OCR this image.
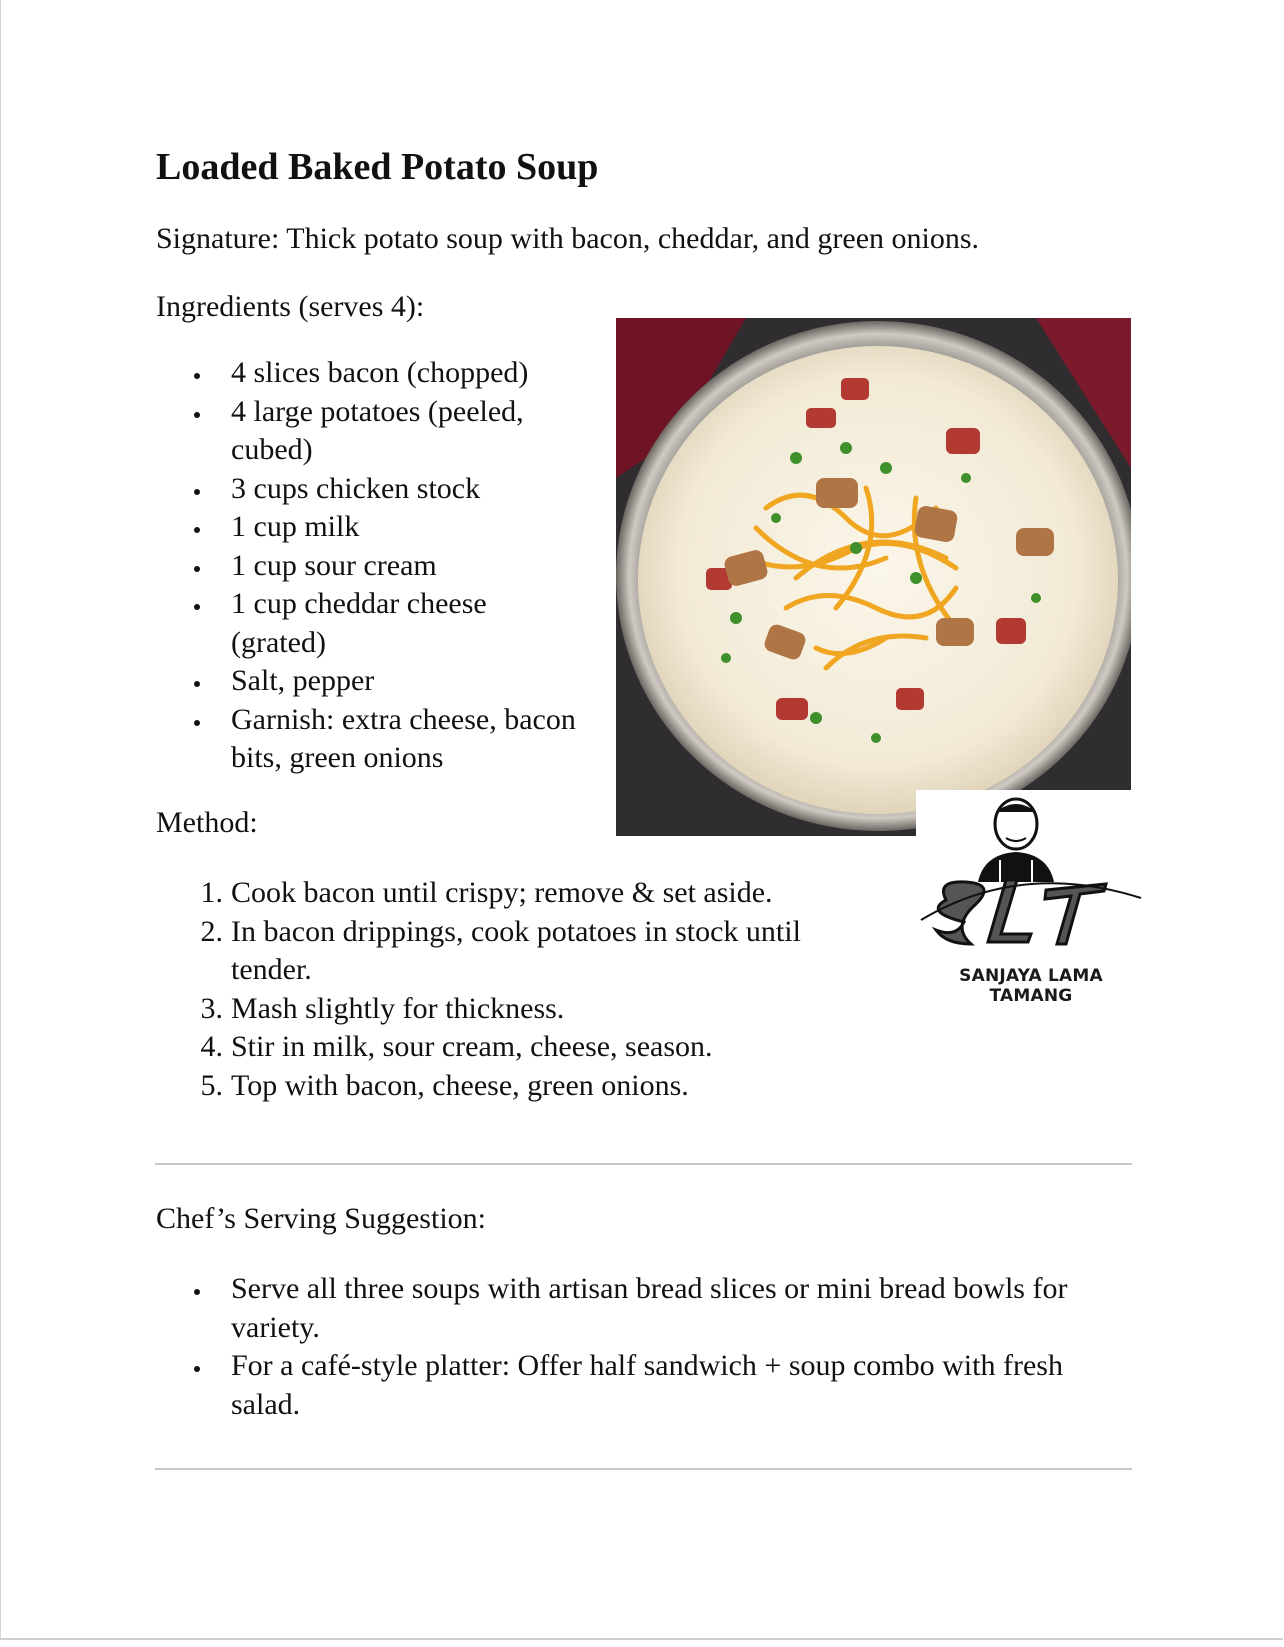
Loaded Baked Potato Soup

Signature: Thick potato soup with bacon, cheddar, and green onions.

Ingredients (serves 4):

4 slices bacon (chopped)
4 large potatoes (peeled, cubed)
3 cups chicken stock
1 cup milk
1 cup sour cream
1 cup cheddar cheese (grated)
Salt, pepper
Garnish: extra cheese, bacon bits, green onions

Method:

1. Cook bacon until crispy; remove & set aside.
2. In bacon drippings, cook potatoes in stock until tender.
3. Mash slightly for thickness.
4. Stir in milk, sour cream, cheese, season.
5. Top with bacon, cheese, green onions.
SANJAYA LAMA TAMANG

Chef’s Serving Suggestion:

Serve all three soups with artisan bread slices or mini bread bowls for variety.
For a café-style platter: Offer half sandwich + soup combo with fresh salad.
